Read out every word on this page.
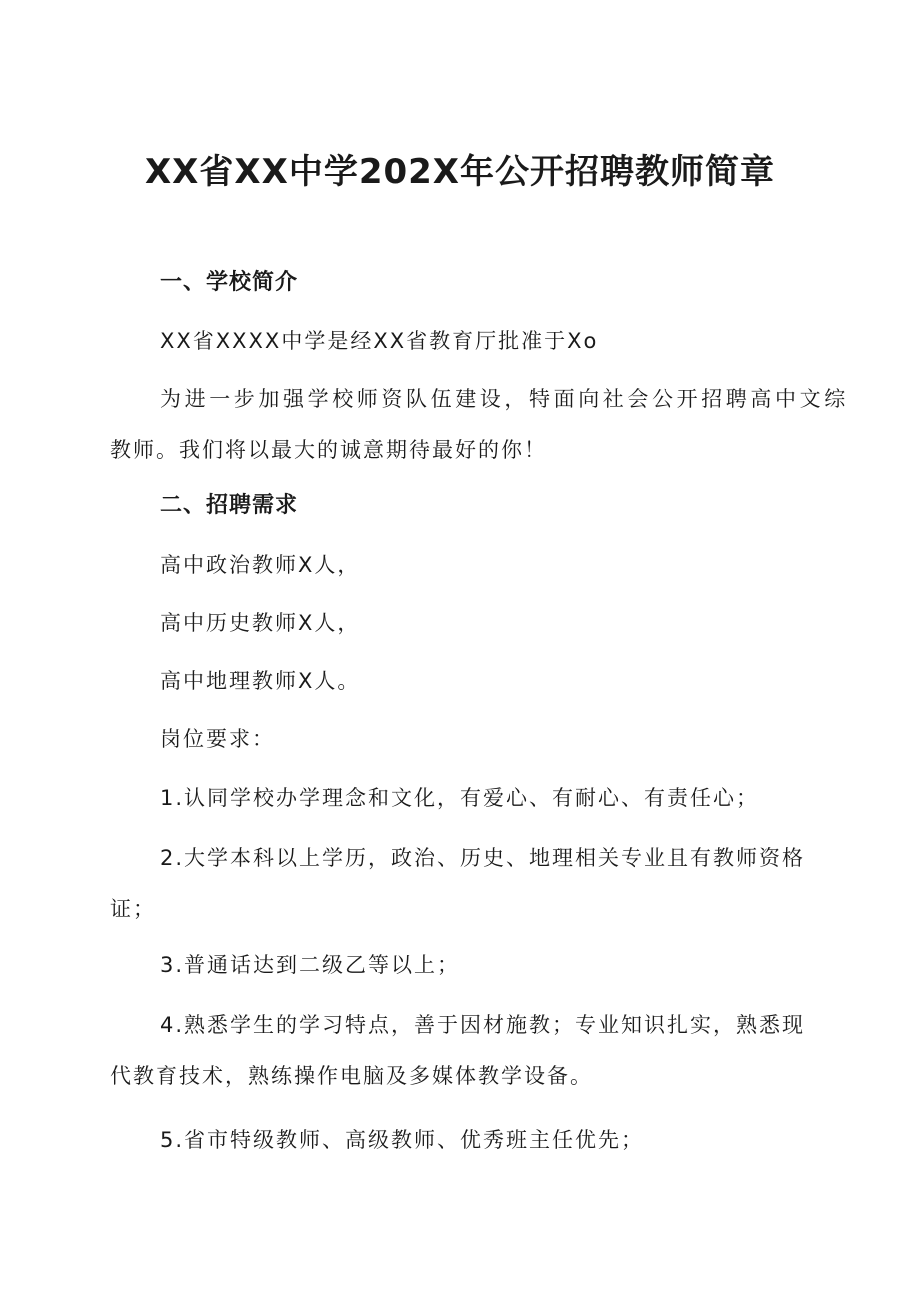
XX省XX中学202X年公开招聘教师简章
一、学校简介
XX省XXXX中学是经XX省教育厅批准于Xo
为进一步加强学校师资队伍建设，特面向社会公开招聘高中文综
教师。我们将以最大的诚意期待最好的你！
二、招聘需求
高中政治教师X人，
高中历史教师X人，
高中地理教师X人。
岗位要求：
1.认同学校办学理念和文化，有爱心、有耐心、有责任心；
2.大学本科以上学历，政治、历史、地理相关专业且有教师资格
证；
3.普通话达到二级乙等以上；
4.熟悉学生的学习特点，善于因材施教；专业知识扎实，熟悉现
代教育技术，熟练操作电脑及多媒体教学设备。
5.省市特级教师、高级教师、优秀班主任优先；
